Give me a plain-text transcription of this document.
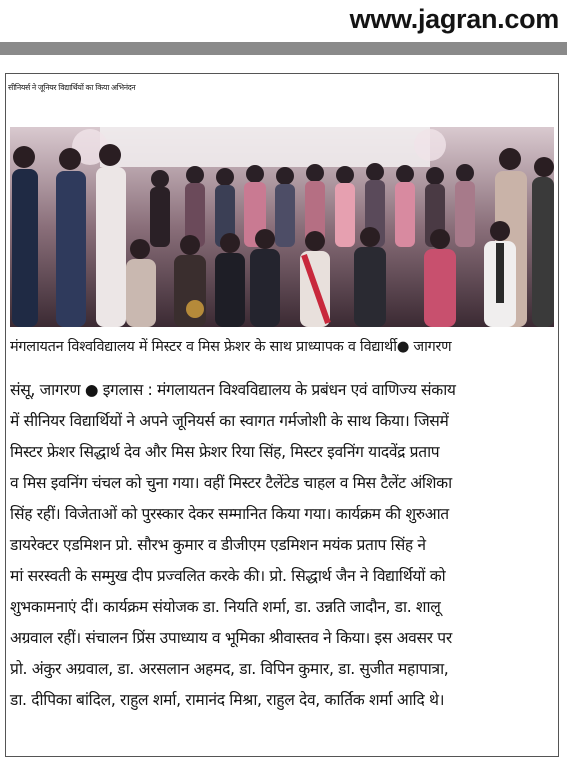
www.jagran.com
सीनियर्स ने जूनियर विद्यार्थियों का किया अभिनंदन
मंगलायतन विश्वविद्यालय में मिस्टर व मिस फ्रेशर के साथ प्राध्यापक व विद्यार्थी● जागरण
संसू, जागरण ● इगलास : मंगलायतन विश्वविद्यालय के प्रबंधन एवं वाणिज्य संकाय
में सीनियर विद्यार्थियों ने अपने जूनियर्स का स्वागत गर्मजोशी के साथ किया। जिसमें
मिस्टर फ्रेशर सिद्धार्थ देव और मिस फ्रेशर रिया सिंह, मिस्टर इवनिंग यादवेंद्र प्रताप
व मिस इवनिंग चंचल को चुना गया। वहीं मिस्टर टैलेंटेड चाहल व मिस टैलेंट अंशिका
सिंह रहीं। विजेताओं को पुरस्कार देकर सम्मानित किया गया। कार्यक्रम की शुरुआत
डायरेक्टर एडमिशन प्रो. सौरभ कुमार व डीजीएम एडमिशन मयंक प्रताप सिंह ने
मां सरस्वती के सम्मुख दीप प्रज्वलित करके की। प्रो. सिद्धार्थ जैन ने विद्यार्थियों को
शुभकामनाएं दीं। कार्यक्रम संयोजक डा. नियति शर्मा, डा. उन्नति जादौन, डा. शालू
अग्रवाल रहीं। संचालन प्रिंस उपाध्याय व भूमिका श्रीवास्तव ने किया। इस अवसर पर
प्रो. अंकुर अग्रवाल, डा. अरसलान अहमद, डा. विपिन कुमार, डा. सुजीत महापात्रा,
डा. दीपिका बांदिल, राहुल शर्मा, रामानंद मिश्रा, राहुल देव, कार्तिक शर्मा आदि थे।
